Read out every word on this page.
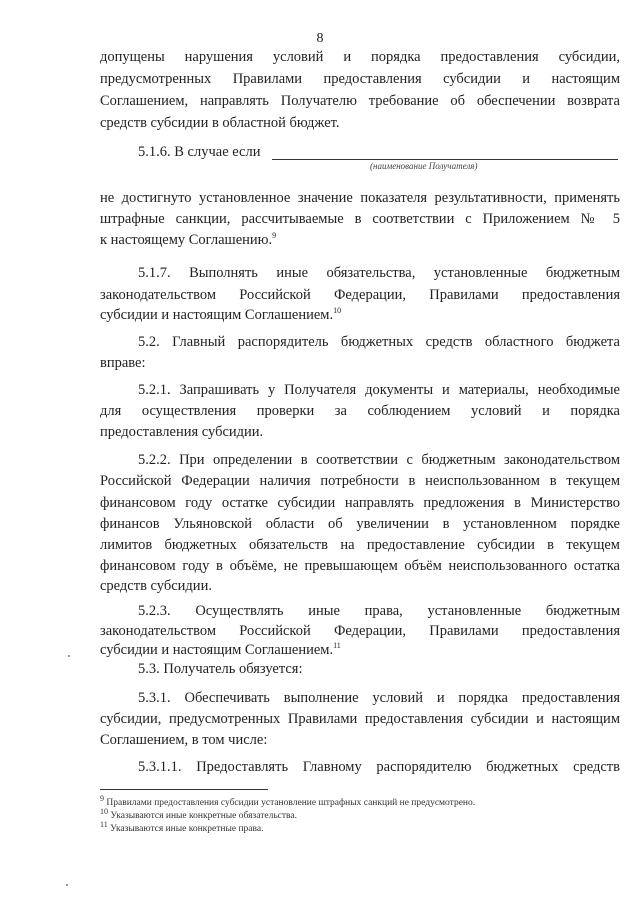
8
допущены нарушения условий и порядка предоставления субсидии,
предусмотренных Правилами предоставления субсидии и настоящим
Соглашением, направлять Получателю требование об обеспечении возврата
средств субсидии в областной бюджет.
5.1.6. В случае если
(наименование Получателя)
не достигнуто установленное значение показателя результативности, применять
штрафные санкции, рассчитываемые в соответствии с Приложением № 5
к настоящему Соглашению.$^9$
5.1.7. Выполнять иные обязательства, установленные бюджетным
законодательством Российской Федерации, Правилами предоставления
субсидии и настоящим Соглашением.$^{10}$
5.2. Главный распорядитель бюджетных средств областного бюджета
вправе:
5.2.1. Запрашивать у Получателя документы и материалы, необходимые
для осуществления проверки за соблюдением условий и порядка
предоставления субсидии.
5.2.2. При определении в соответствии с бюджетным законодательством
Российской Федерации наличия потребности в неиспользованном в текущем
финансовом году остатке субсидии направлять предложения в Министерство
финансов Ульяновской области об увеличении в установленном порядке
лимитов бюджетных обязательств на предоставление субсидии в текущем
финансовом году в объёме, не превышающем объём неиспользованного остатка
средств субсидии.
5.2.3. Осуществлять иные права, установленные бюджетным
законодательством Российской Федерации, Правилами предоставления
субсидии и настоящим Соглашением.$^{11}$
5.3. Получатель обязуется:
5.3.1. Обеспечивать выполнение условий и порядка предоставления
субсидии, предусмотренных Правилами предоставления субсидии и настоящим
Соглашением, в том числе:
5.3.1.1. Предоставлять Главному распорядителю бюджетных средств
$^9$ Правилами предоставления субсидии установление штрафных санкций не предусмотрено.
$^{10}$ Указываются иные конкретные обязательства.
$^{11}$ Указываются иные конкретные права.
